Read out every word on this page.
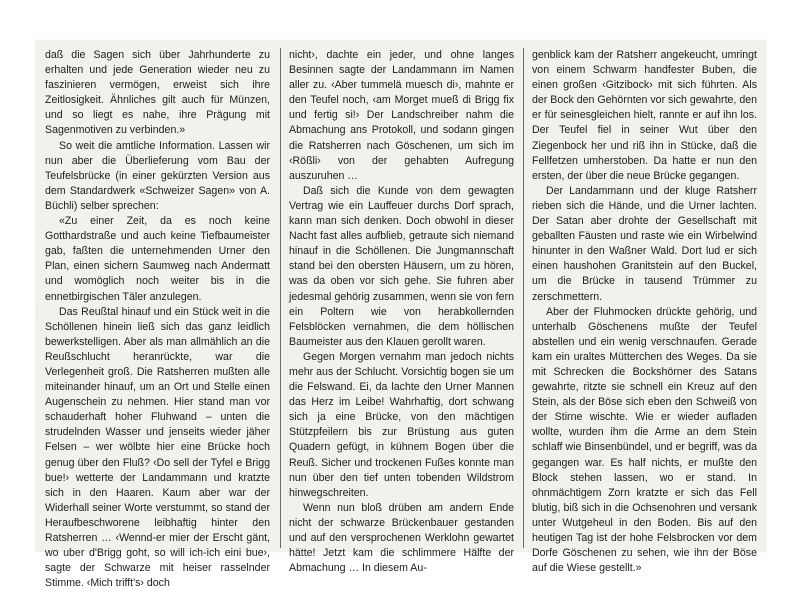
daß die Sagen sich über Jahrhunderte zu erhalten und jede Generation wieder neu zu faszinieren vermögen, erweist sich ihre Zeitlosigkeit. Ähnliches gilt auch für Münzen, und so liegt es nahe, ihre Prägung mit Sagenmotiven zu verbinden.»

So weit die amtliche Information. Lassen wir nun aber die Überlieferung vom Bau der Teufelsbrücke (in einer gekürzten Version aus dem Standardwerk «Schweizer Sagen» von A. Büchli) selber sprechen:

«Zu einer Zeit, da es noch keine Gotthardstraße und auch keine Tiefbaumeister gab, faßten die unternehmenden Urner den Plan, einen sichern Saumweg nach Andermatt und womöglich noch weiter bis in die ennetbirgischen Täler anzulegen.

Das Reußtal hinauf und ein Stück weit in die Schöllenen hinein ließ sich das ganz leidlich bewerkstelligen. Aber als man allmählich an die Reußschlucht heranrückte, war die Verlegenheit groß. Die Ratsherren mußten alle miteinander hinauf, um an Ort und Stelle einen Augenschein zu nehmen. Hier stand man vor schauderhaft hoher Fluhwand – unten die strudelnden Wasser und jenseits wieder jäher Felsen – wer wölbte hier eine Brücke hoch genug über den Fluß? ‹Do sell der Tyfel e Brigg bue!› wetterte der Landammann und kratzte sich in den Haaren. Kaum aber war der Widerhall seiner Worte verstummt, so stand der Heraufbeschworene leibhaftig hinter den Ratsherren … ‹Wennd-er mier der Erscht gänt, wo uber d'Brigg goht, so will ich-ich eini bue›, sagte der Schwarze mit heiser rasselnder Stimme. ‹Mich trifft's› doch

nicht›, dachte ein jeder, und ohne langes Besinnen sagte der Landammann im Namen aller zu. ‹Aber tummelä muesch di›, mahnte er den Teufel noch, ‹am Morget mueß di Brigg fix und fertig si!› Der Landschreiber nahm die Abmachung ans Protokoll, und sodann gingen die Ratsherren nach Göschenen, um sich im ‹Rößli› von der gehabten Aufregung auszuruhen …

Daß sich die Kunde von dem gewagten Vertrag wie ein Lauffeuer durchs Dorf sprach, kann man sich denken. Doch obwohl in dieser Nacht fast alles aufblieb, getraute sich niemand hinauf in die Schöllenen. Die Jungmannschaft stand bei den obersten Häusern, um zu hören, was da oben vor sich gehe. Sie fuhren aber jedesmal gehörig zusammen, wenn sie von fern ein Poltern wie von herabkollernden Felsblöcken vernahmen, die dem höllischen Baumeister aus den Klauen gerollt waren.

Gegen Morgen vernahm man jedoch nichts mehr aus der Schlucht. Vorsichtig bogen sie um die Felswand. Ei, da lachte den Urner Mannen das Herz im Leibe! Wahrhaftig, dort schwang sich ja eine Brücke, von den mächtigen Stützpfeilern bis zur Brüstung aus guten Quadern gefügt, in kühnem Bogen über die Reuß. Sicher und trockenen Fußes konnte man nun über den tief unten tobenden Wildstrom hinwegschreiten.

Wenn nun bloß drüben am andern Ende nicht der schwarze Brückenbauer gestanden und auf den versprochenen Werklohn gewartet hätte! Jetzt kam die schlimmere Hälfte der Abmachung … In diesem Au-

genblick kam der Ratsherr angekeucht, umringt von einem Schwarm handfester Buben, die einen großen ‹Gitzibock› mit sich führten. Als der Bock den Gehörnten vor sich gewahrte, den er für seinesgleichen hielt, rannte er auf ihn los. Der Teufel fiel in seiner Wut über den Ziegenbock her und riß ihn in Stücke, daß die Fellfetzen umherstoben. Da hatte er nun den ersten, der über die neue Brücke gegangen.

Der Landammann und der kluge Ratsherr rieben sich die Hände, und die Urner lachten. Der Satan aber drohte der Gesellschaft mit geballten Fäusten und raste wie ein Wirbelwind hinunter in den Waßner Wald. Dort lud er sich einen haushohen Granitstein auf den Buckel, um die Brücke in tausend Trümmer zu zerschmettern.

Aber der Fluhmocken drückte gehörig, und unterhalb Göschenens mußte der Teufel abstellen und ein wenig verschnaufen. Gerade kam ein uraltes Mütterchen des Weges. Da sie mit Schrecken die Bockshörner des Satans gewahrte, ritzte sie schnell ein Kreuz auf den Stein, als der Böse sich eben den Schweiß von der Stirne wischte. Wie er wieder aufladen wollte, wurden ihm die Arme an dem Stein schlaff wie Binsenbündel, und er begriff, was da gegangen war. Es half nichts, er mußte den Block stehen lassen, wo er stand. In ohnmächtigem Zorn kratzte er sich das Fell blutig, biß sich in die Ochsenohren und versank unter Wutgeheul in den Boden. Bis auf den heutigen Tag ist der hohe Felsbrocken vor dem Dorfe Göschenen zu sehen, wie ihn der Böse auf die Wiese gestellt.»
